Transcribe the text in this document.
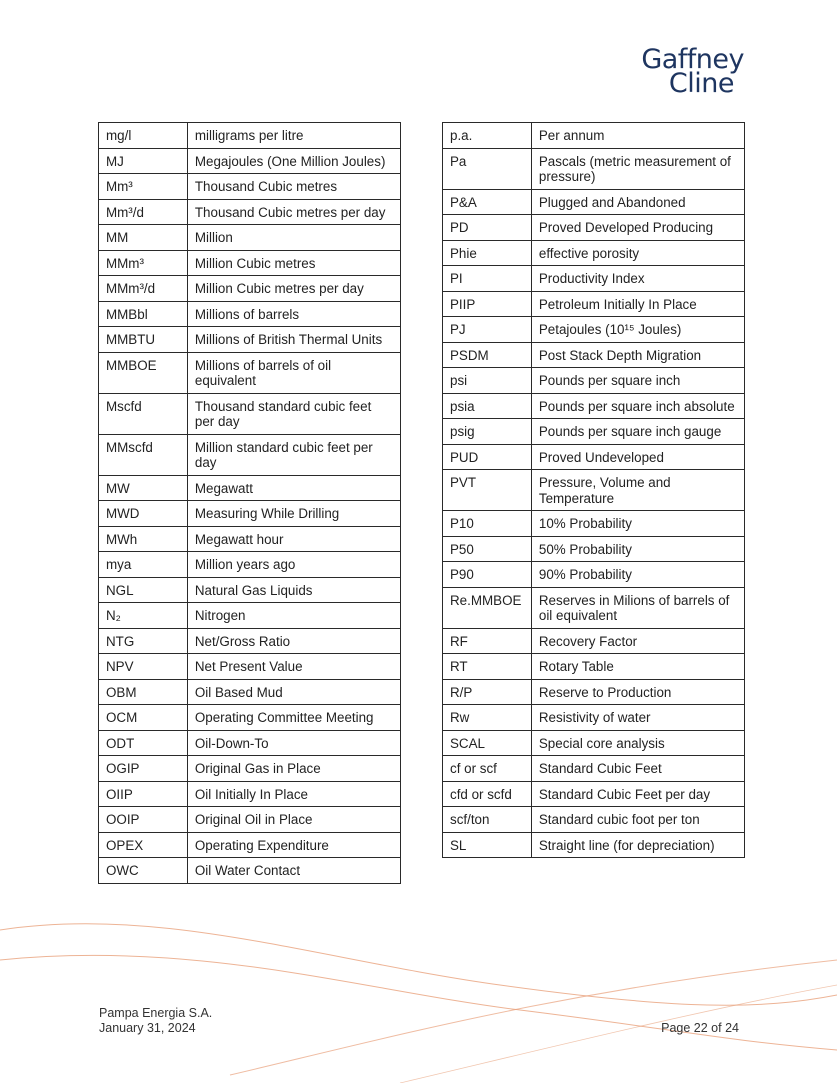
Gaffney
Cline
mg/l	milligrams per litre
MJ	Megajoules (One Million Joules)
Mm³	Thousand Cubic metres
Mm³/d	Thousand Cubic metres per day
MM	Million
MMm³	Million Cubic metres
MMm³/d	Million Cubic metres per day
MMBbl	Millions of barrels
MMBTU	Millions of British Thermal Units
MMBOE	Millions of barrels of oil equivalent
Mscfd	Thousand standard cubic feet per day
MMscfd	Million standard cubic feet per day
MW	Megawatt
MWD	Measuring While Drilling
MWh	Megawatt hour
mya	Million years ago
NGL	Natural Gas Liquids
N₂	Nitrogen
NTG	Net/Gross Ratio
NPV	Net Present Value
OBM	Oil Based Mud
OCM	Operating Committee Meeting
ODT	Oil-Down-To
OGIP	Original Gas in Place
OIIP	Oil Initially In Place
OOIP	Original Oil in Place
OPEX	Operating Expenditure
OWC	Oil Water Contact
p.a.	Per annum
Pa	Pascals (metric measurement of pressure)
P&A	Plugged and Abandoned
PD	Proved Developed Producing
Phie	effective porosity
PI	Productivity Index
PIIP	Petroleum Initially In Place
PJ	Petajoules (10¹⁵ Joules)
PSDM	Post Stack Depth Migration
psi	Pounds per square inch
psia	Pounds per square inch absolute
psig	Pounds per square inch gauge
PUD	Proved Undeveloped
PVT	Pressure, Volume and Temperature
P10	10% Probability
P50	50% Probability
P90	90% Probability
Re.MMBOE	Reserves in Milions of barrels of oil equivalent
RF	Recovery Factor
RT	Rotary Table
R/P	Reserve to Production
Rw	Resistivity of water
SCAL	Special core analysis
cf or scf	Standard Cubic Feet
cfd or scfd	Standard Cubic Feet per day
scf/ton	Standard cubic foot per ton
SL	Straight line (for depreciation)
Pampa Energia S.A.
January 31, 2024	Page 22 of 24
